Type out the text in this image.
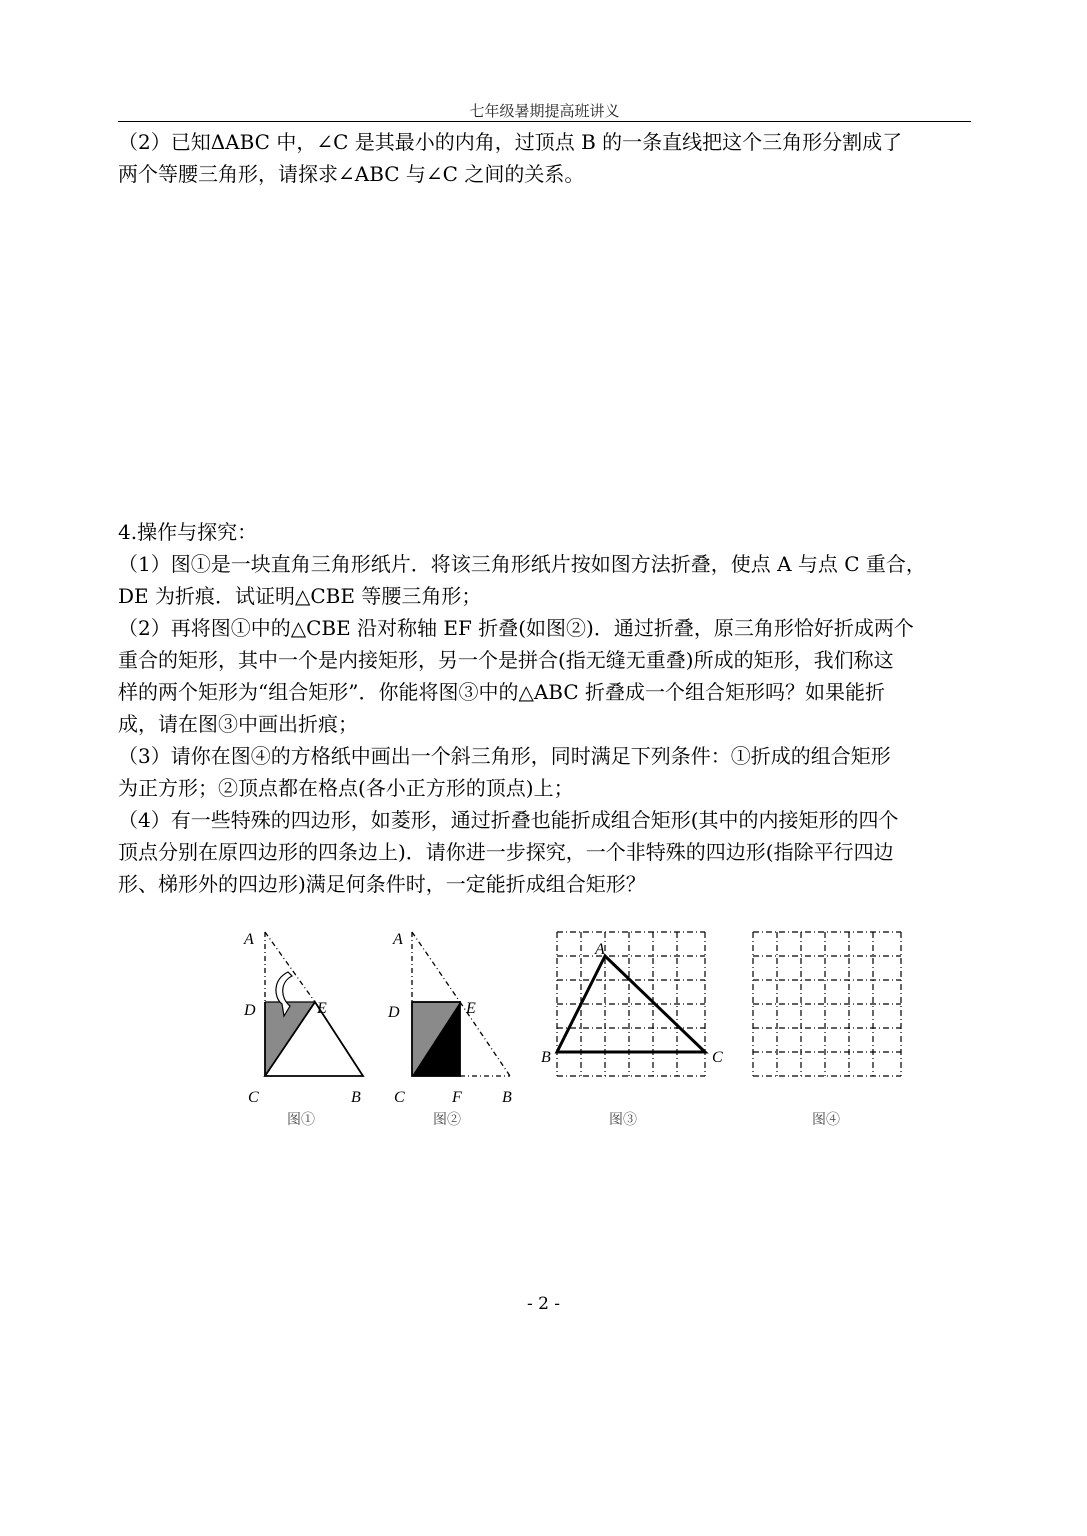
七年级暑期提高班讲义
（2）已知ΔABC 中，∠C 是其最小的内角，过顶点 B 的一条直线把这个三角形分割成了
两个等腰三角形，请探求∠ABC 与∠C 之间的关系。
4.操作与探究：
（1）图①是一块直角三角形纸片．将该三角形纸片按如图方法折叠，使点 A 与点 C 重合，
DE 为折痕．试证明△CBE 等腰三角形；
（2）再将图①中的△CBE 沿对称轴 EF 折叠(如图②)．通过折叠，原三角形恰好折成两个
重合的矩形，其中一个是内接矩形，另一个是拼合(指无缝无重叠)所成的矩形，我们称这
样的两个矩形为“组合矩形”．你能将图③中的△ABC 折叠成一个组合矩形吗？如果能折
成，请在图③中画出折痕；
（3）请你在图④的方格纸中画出一个斜三角形，同时满足下列条件：①折成的组合矩形
为正方形；②顶点都在格点(各小正方形的顶点)上；
（4）有一些特殊的四边形，如菱形，通过折叠也能折成组合矩形(其中的内接矩形的四个
顶点分别在原四边形的四条边上)．请你进一步探究，一个非特殊的四边形(指除平行四边
形、梯形外的四边形)满足何条件时，一定能折成组合矩形？
A
D	E
C	B
图①
A
D	E
C	F	B
图②
A
B	C
图③	图④
- 2 -
